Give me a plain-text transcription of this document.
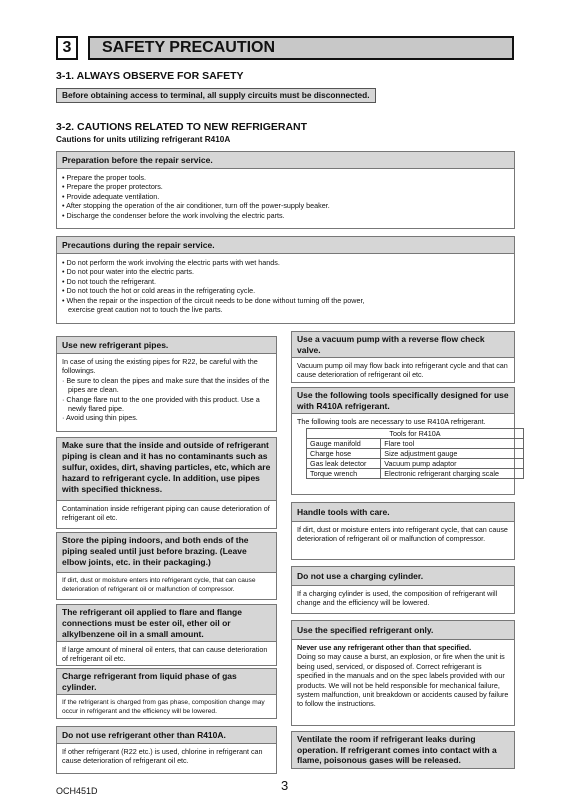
3	SAFETY PRECAUTION
3-1. ALWAYS OBSERVE FOR SAFETY
Before obtaining access to terminal, all supply circuits must be disconnected.
3-2. CAUTIONS RELATED TO NEW REFRIGERANT
Cautions for units utilizing refrigerant R410A
Preparation before the repair service.
• Prepare the proper tools.
• Prepare the proper protectors.
• Provide adequate ventilation.
• After stopping the operation of the air conditioner, turn off the power-supply beaker.
• Discharge the condenser before the work involving the electric parts.
Precautions during the repair service.
• Do not perform the work involving the electric parts with wet hands.
• Do not pour water into the electric parts.
• Do not touch the refrigerant.
• Do not touch the hot or cold areas in the refrigerating cycle.
• When the repair or the inspection of the circuit needs to be done without turning off the power,
exercise great caution not to touch the live parts.
Use new refrigerant pipes.
In case of using the existing pipes for R22, be careful with the followings.
· Be sure to clean the pipes and make sure that the insides of the pipes are clean.
· Change flare nut to the one provided with this product. Use a newly flared pipe.
· Avoid using thin pipes.
Make sure that the inside and outside of refrigerant piping is clean and it has no contaminants such as sulfur, oxides, dirt, shaving particles, etc, which are hazard to refrigerant cycle. In addition, use pipes with specified thickness.
Contamination inside refrigerant piping can cause deterioration of refrigerant oil etc.
Store the piping indoors, and both ends of the piping sealed until just before brazing. (Leave elbow joints, etc. in their packaging.)
If dirt, dust or moisture enters into refrigerant cycle, that can cause deterioration of refrigerant oil or malfunction of compressor.
The refrigerant oil applied to flare and flange connections must be ester oil, ether oil or alkylbenzene oil in a small amount.
If large amount of mineral oil enters, that can cause deterioration of refrigerant oil etc.
Charge refrigerant from liquid phase of gas cylinder.
If the refrigerant is charged from gas phase, composition change may occur in refrigerant and the efficiency will be lowered.
Do not use refrigerant other than R410A.
If other refrigerant (R22 etc.) is used, chlorine in refrigerant can cause deterioration of refrigerant oil etc.
Use a vacuum pump with a reverse flow check valve.
Vacuum pump oil may flow back into refrigerant cycle and that can cause deterioration of refrigerant oil etc.
Use the following tools specifically designed for use with R410A refrigerant.
The following tools are necessary to use R410A refrigerant.
Tools for R410A	
Gauge manifold	Flare tool
Charge hose	Size adjustment gauge
Gas leak detector	Vacuum pump adaptor
Torque wrench	Electronic refrigerant charging scale
Handle tools with care.
If dirt, dust or moisture enters into refrigerant cycle, that can cause deterioration of refrigerant oil or malfunction of compressor.
Do not use a charging cylinder.
If a charging cylinder is used, the composition of refrigerant will change and the efficiency will be lowered.
Use the specified refrigerant only.
Never use any refrigerant other than that specified.
Doing so may cause a burst, an explosion, or fire when the unit is being used, serviced, or disposed of. Correct refrigerant is specified in the manuals and on the spec labels provided with our products. We will not be held responsible for mechanical failure, system malfunction, unit breakdown or accidents caused by failure to follow the instructions.
Ventilate the room if refrigerant leaks during operation. If refrigerant comes into contact with a flame, poisonous gases will be released.
OCH451D	3
